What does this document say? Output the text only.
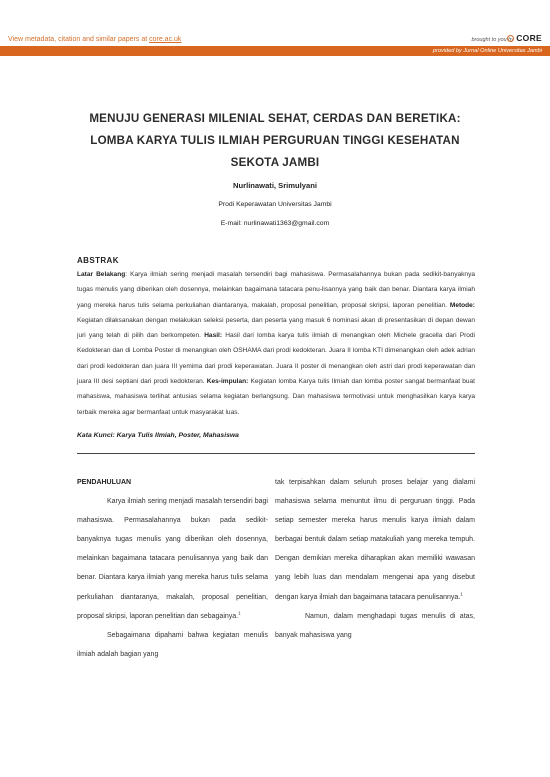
View metadata, citation and similar papers at core.ac.uk	brought to you by CORE
provided by Jurnal Online Universitas Jambi
MENUJU GENERASI MILENIAL SEHAT, CERDAS DAN BERETIKA:
LOMBA KARYA TULIS ILMIAH PERGURUAN TINGGI KESEHATAN
SEKOTA JAMBI
Nurlinawati, Srimulyani
Prodi Keperawatan Universitas Jambi
E-mail: nurlinawati1363@gmail.com
ABSTRAK
Latar Belakang: Karya ilmiah sering menjadi masalah tersendiri bagi mahasiswa. Permasalahannya bukan pada sedikit-banyaknya tugas menulis yang diberikan oleh dosennya, melainkan bagaimana tatacara penu-lisannya yang baik dan benar. Diantara karya ilmiah yang mereka harus tulis selama perkuliahan diantaranya, makalah, proposal penelitian, proposal skripsi, laporan penelitian. Metode: Kegiatan dilaksanakan dengan melakukan seleksi peserta, dan peserta yang masuk 6 nominasi akan di presentasikan di depan dewan juri yang telah di pilih dan berkompeten. Hasil: Hasil dari lomba karya tulis ilmiah di menangkan oleh Michele gracella dari Prodi Kedokteran dan di Lomba Poster di menangkan oleh OSHAMA dari prodi kedokteran. Juara II lomba KTI dimenangkan oleh adek adrian dari prodi kedokteran dan juara III yemima dari prodi keperawatan. Juara II poster di menangkan oleh astri dari prodi keperawatan dan juara III desi septiani dari prodi kedokteran. Kes-impulan: Kegiatan lomba Karya tulis Ilmiah dan lomba poster sangat bermanfaat buat mahasiswa, mahasiswa terlihat antusias selama kegiatan berlangsung. Dan mahasiswa termotivasi untuk menghasilkan karya karya terbaik mereka agar bermanfaat untuk masyarakat luas.
Kata Kunci: Karya Tulis Ilmiah, Poster, Mahasiswa

PENDAHULUAN

Karya ilmiah sering menjadi masalah tersendiri bagi mahasiswa. Permasalahannya bukan pada sedikit-banyaknya tugas menulis yang diberikan oleh dosennya, melainkan bagaimana tatacara penulisannya yang baik dan benar. Diantara karya ilmiah yang mereka harus tulis selama perkuliahan diantaranya, makalah, proposal penelitian, proposal skripsi, laporan penelitian dan sebagainya.$^1$

Sebagaimana dipahami bahwa kegiatan menulis ilmiah adalah bagian yang

tak terpisahkan dalam seluruh proses belajar yang dialami mahasiswa selama menuntut ilmu di perguruan tinggi. Pada setiap semester mereka harus menulis karya ilmiah dalam berbagai bentuk dalam setiap matakuliah yang mereka tempuh. Dengan demikian mereka diharapkan akan memiliki wawasan yang lebih luas dan mendalam mengenai apa yang disebut dengan karya ilmiah dan bagaimana tatacara penulisannya.$^1$

Namun, dalam menghadapi tugas menulis di atas, banyak mahasiswa yang
